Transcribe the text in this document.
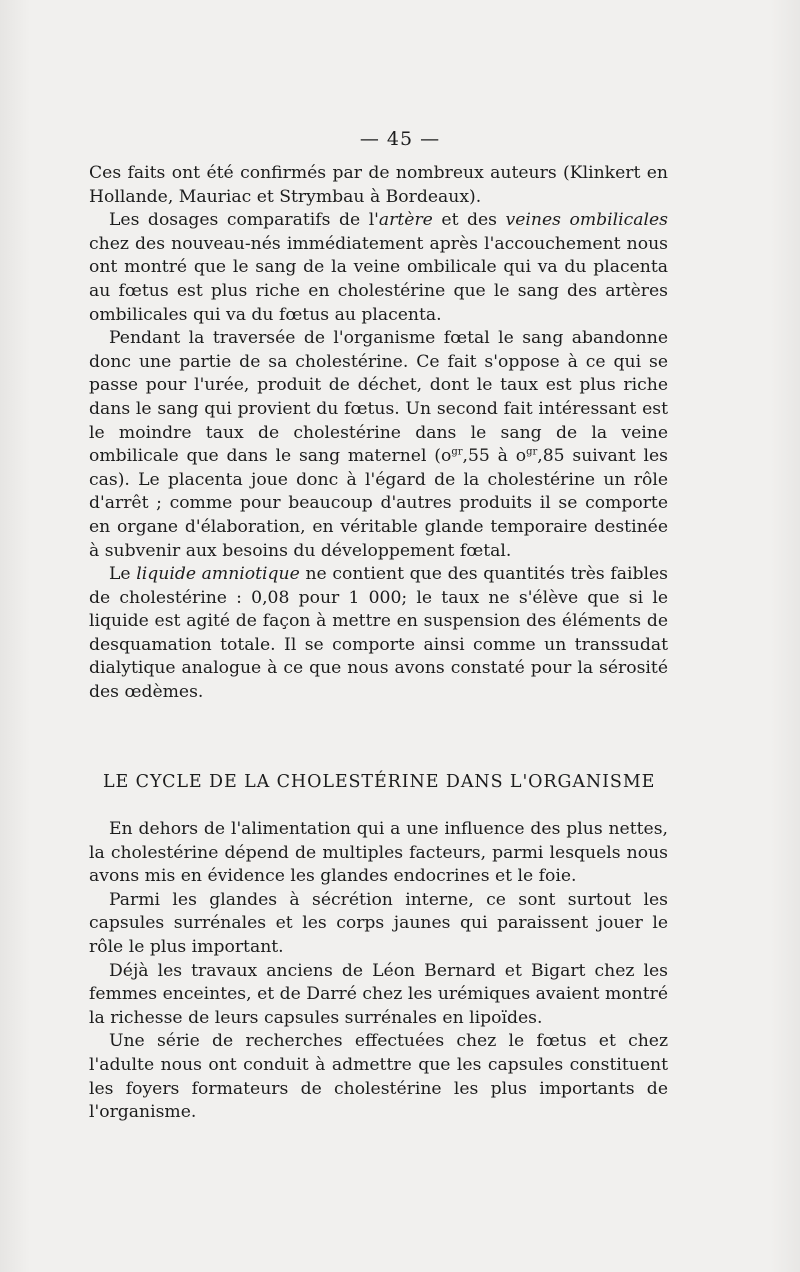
— 45 —

Ces faits ont été confirmés par de nombreux auteurs (Klinkert en Hollande, Mauriac et Strymbau à Bordeaux).

Les dosages comparatifs de l'artère et des veines ombilicales chez des nouveau-nés immédiatement après l'accouchement nous ont montré que le sang de la veine ombilicale qui va du placenta au fœtus est plus riche en cholestérine que le sang des artères ombilicales qui va du fœtus au placenta.

Pendant la traversée de l'organisme fœtal le sang abandonne donc une partie de sa cholestérine. Ce fait s'oppose à ce qui se passe pour l'urée, produit de déchet, dont le taux est plus riche dans le sang qui provient du fœtus. Un second fait intéressant est le moindre taux de cholestérine dans le sang de la veine ombilicale que dans le sang maternel ($o^{gr},55$ à $o^{gr},85$ suivant les cas). Le placenta joue donc à l'égard de la cholestérine un rôle d'arrêt ; comme pour beaucoup d'autres produits il se comporte en organe d'élaboration, en véritable glande temporaire destinée à subvenir aux besoins du développement fœtal.

Le liquide amniotique ne contient que des quantités très faibles de cholestérine : 0,08 pour 1 000; le taux ne s'élève que si le liquide est agité de façon à mettre en suspension des éléments de desquamation totale. Il se comporte ainsi comme un transsudat dialytique analogue à ce que nous avons constaté pour la sérosité des œdèmes.

LE CYCLE DE LA CHOLESTÉRINE DANS L'ORGANISME

En dehors de l'alimentation qui a une influence des plus nettes, la cholestérine dépend de multiples facteurs, parmi lesquels nous avons mis en évidence les glandes endocrines et le foie.

Parmi les glandes à sécrétion interne, ce sont surtout les capsules surrénales et les corps jaunes qui paraissent jouer le rôle le plus important.

Déjà les travaux anciens de Léon Bernard et Bigart chez les femmes enceintes, et de Darré chez les urémiques avaient montré la richesse de leurs capsules surrénales en lipoïdes.

Une série de recherches effectuées chez le fœtus et chez l'adulte nous ont conduit à admettre que les capsules constituent les foyers formateurs de cholestérine les plus importants de l'organisme.
